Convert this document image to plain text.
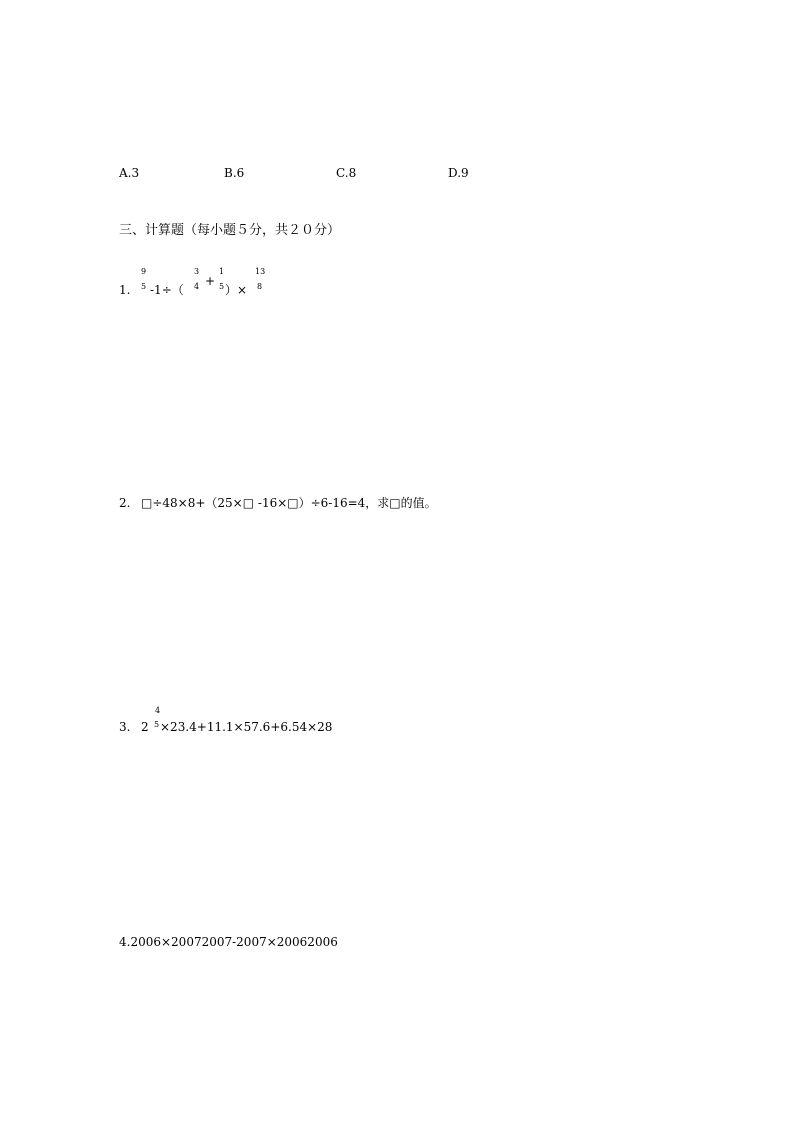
A.3	B.6	C.8	D.9
三、计算题（每小题５分，共２０分）
1.
9
5 -1÷（
3
4 +
1
5 ）×
13
8
2. □÷48×8+（25×□ -16×□）÷6-16=4，求□的值。
3. 2
4
5 ×23.4+11.1×57.6+6.54×28
4.2006×20072007-2007×20062006
